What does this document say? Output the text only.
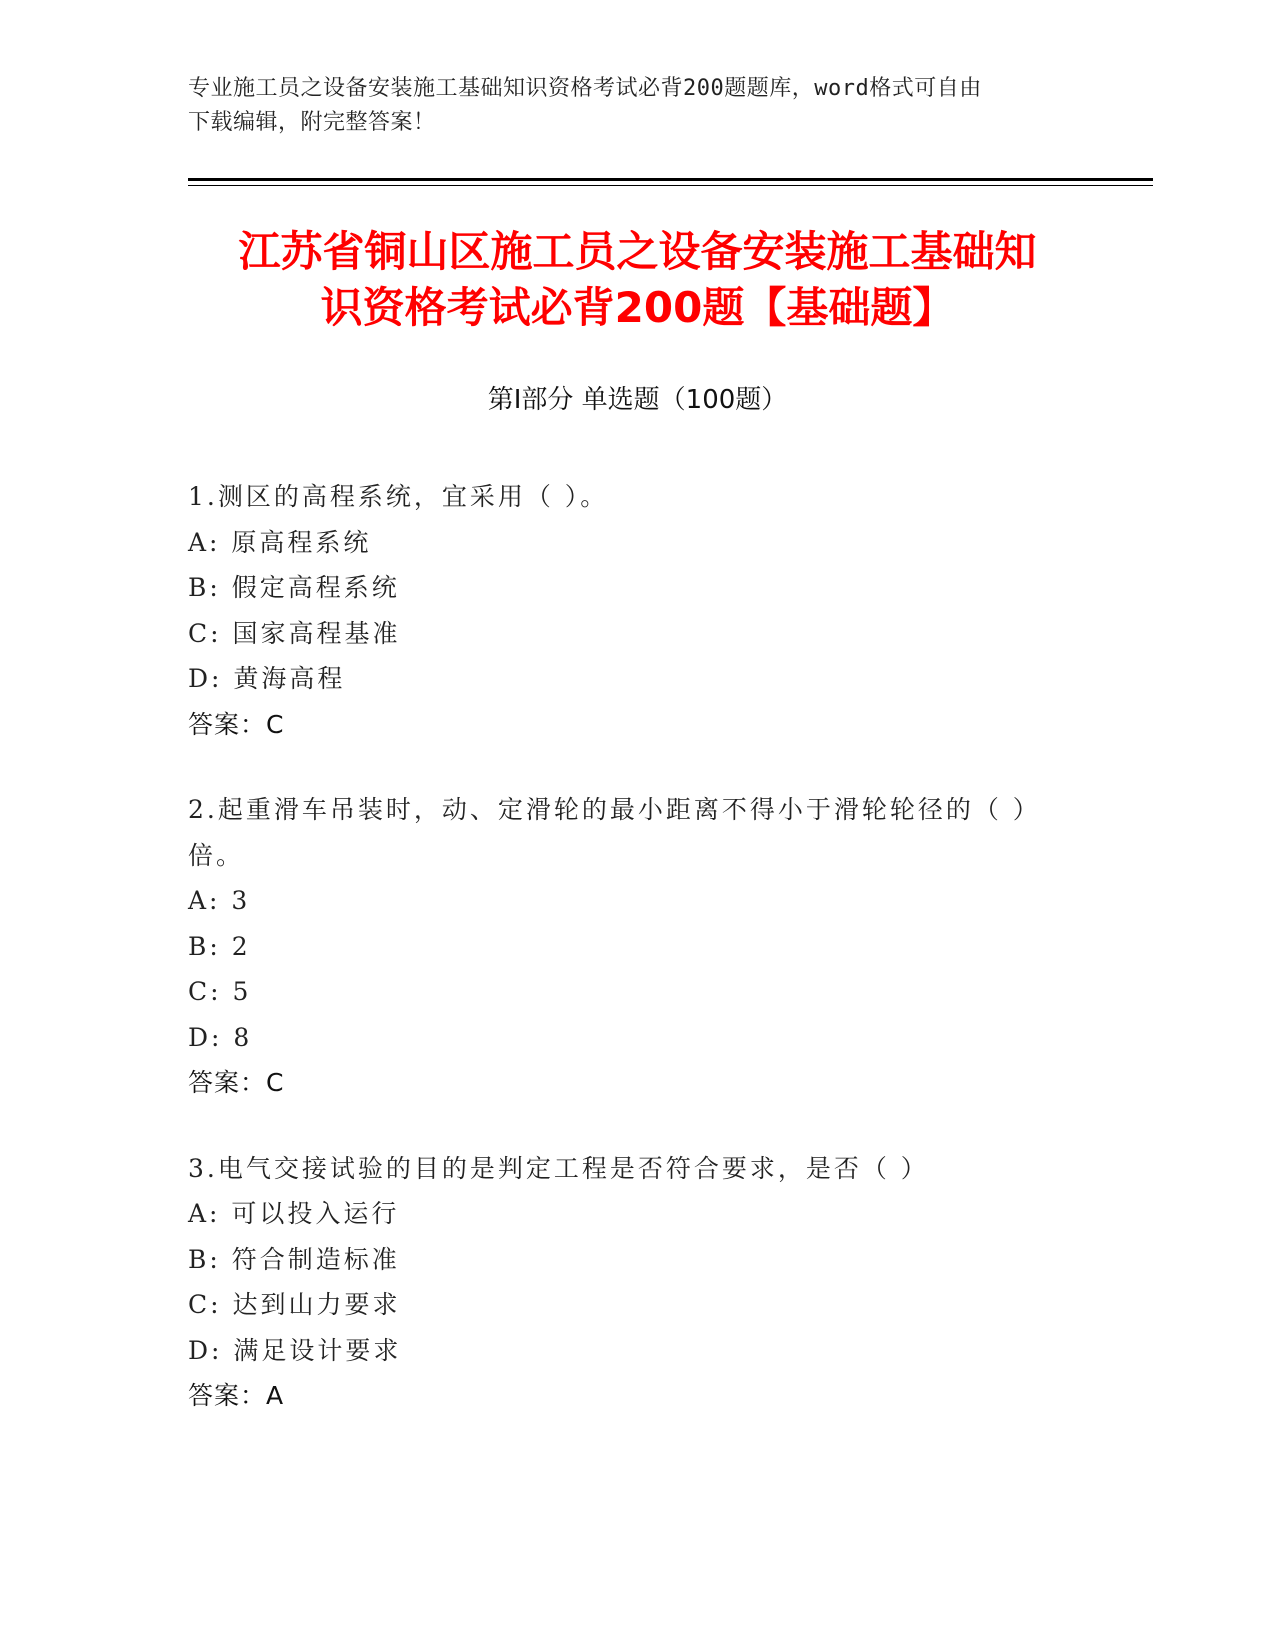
专业施工员之设备安装施工基础知识资格考试必背200题题库，word格式可自由
下载编辑，附完整答案！
江苏省铜山区施工员之设备安装施工基础知
识资格考试必背200题【基础题】
第Ⅰ部分 单选题（100题）
1.测区的高程系统，宜采用（ ）。
A: 原高程系统
B: 假定高程系统
C: 国家高程基准
D: 黄海高程
答案：C
2.起重滑车吊装时，动、定滑轮的最小距离不得小于滑轮轮径的（ ）
倍。
A: 3
B: 2
C: 5
D: 8
答案：C
3.电气交接试验的目的是判定工程是否符合要求，是否（ ）
A: 可以投入运行
B: 符合制造标准
C: 达到山力要求
D: 满足设计要求
答案：A
